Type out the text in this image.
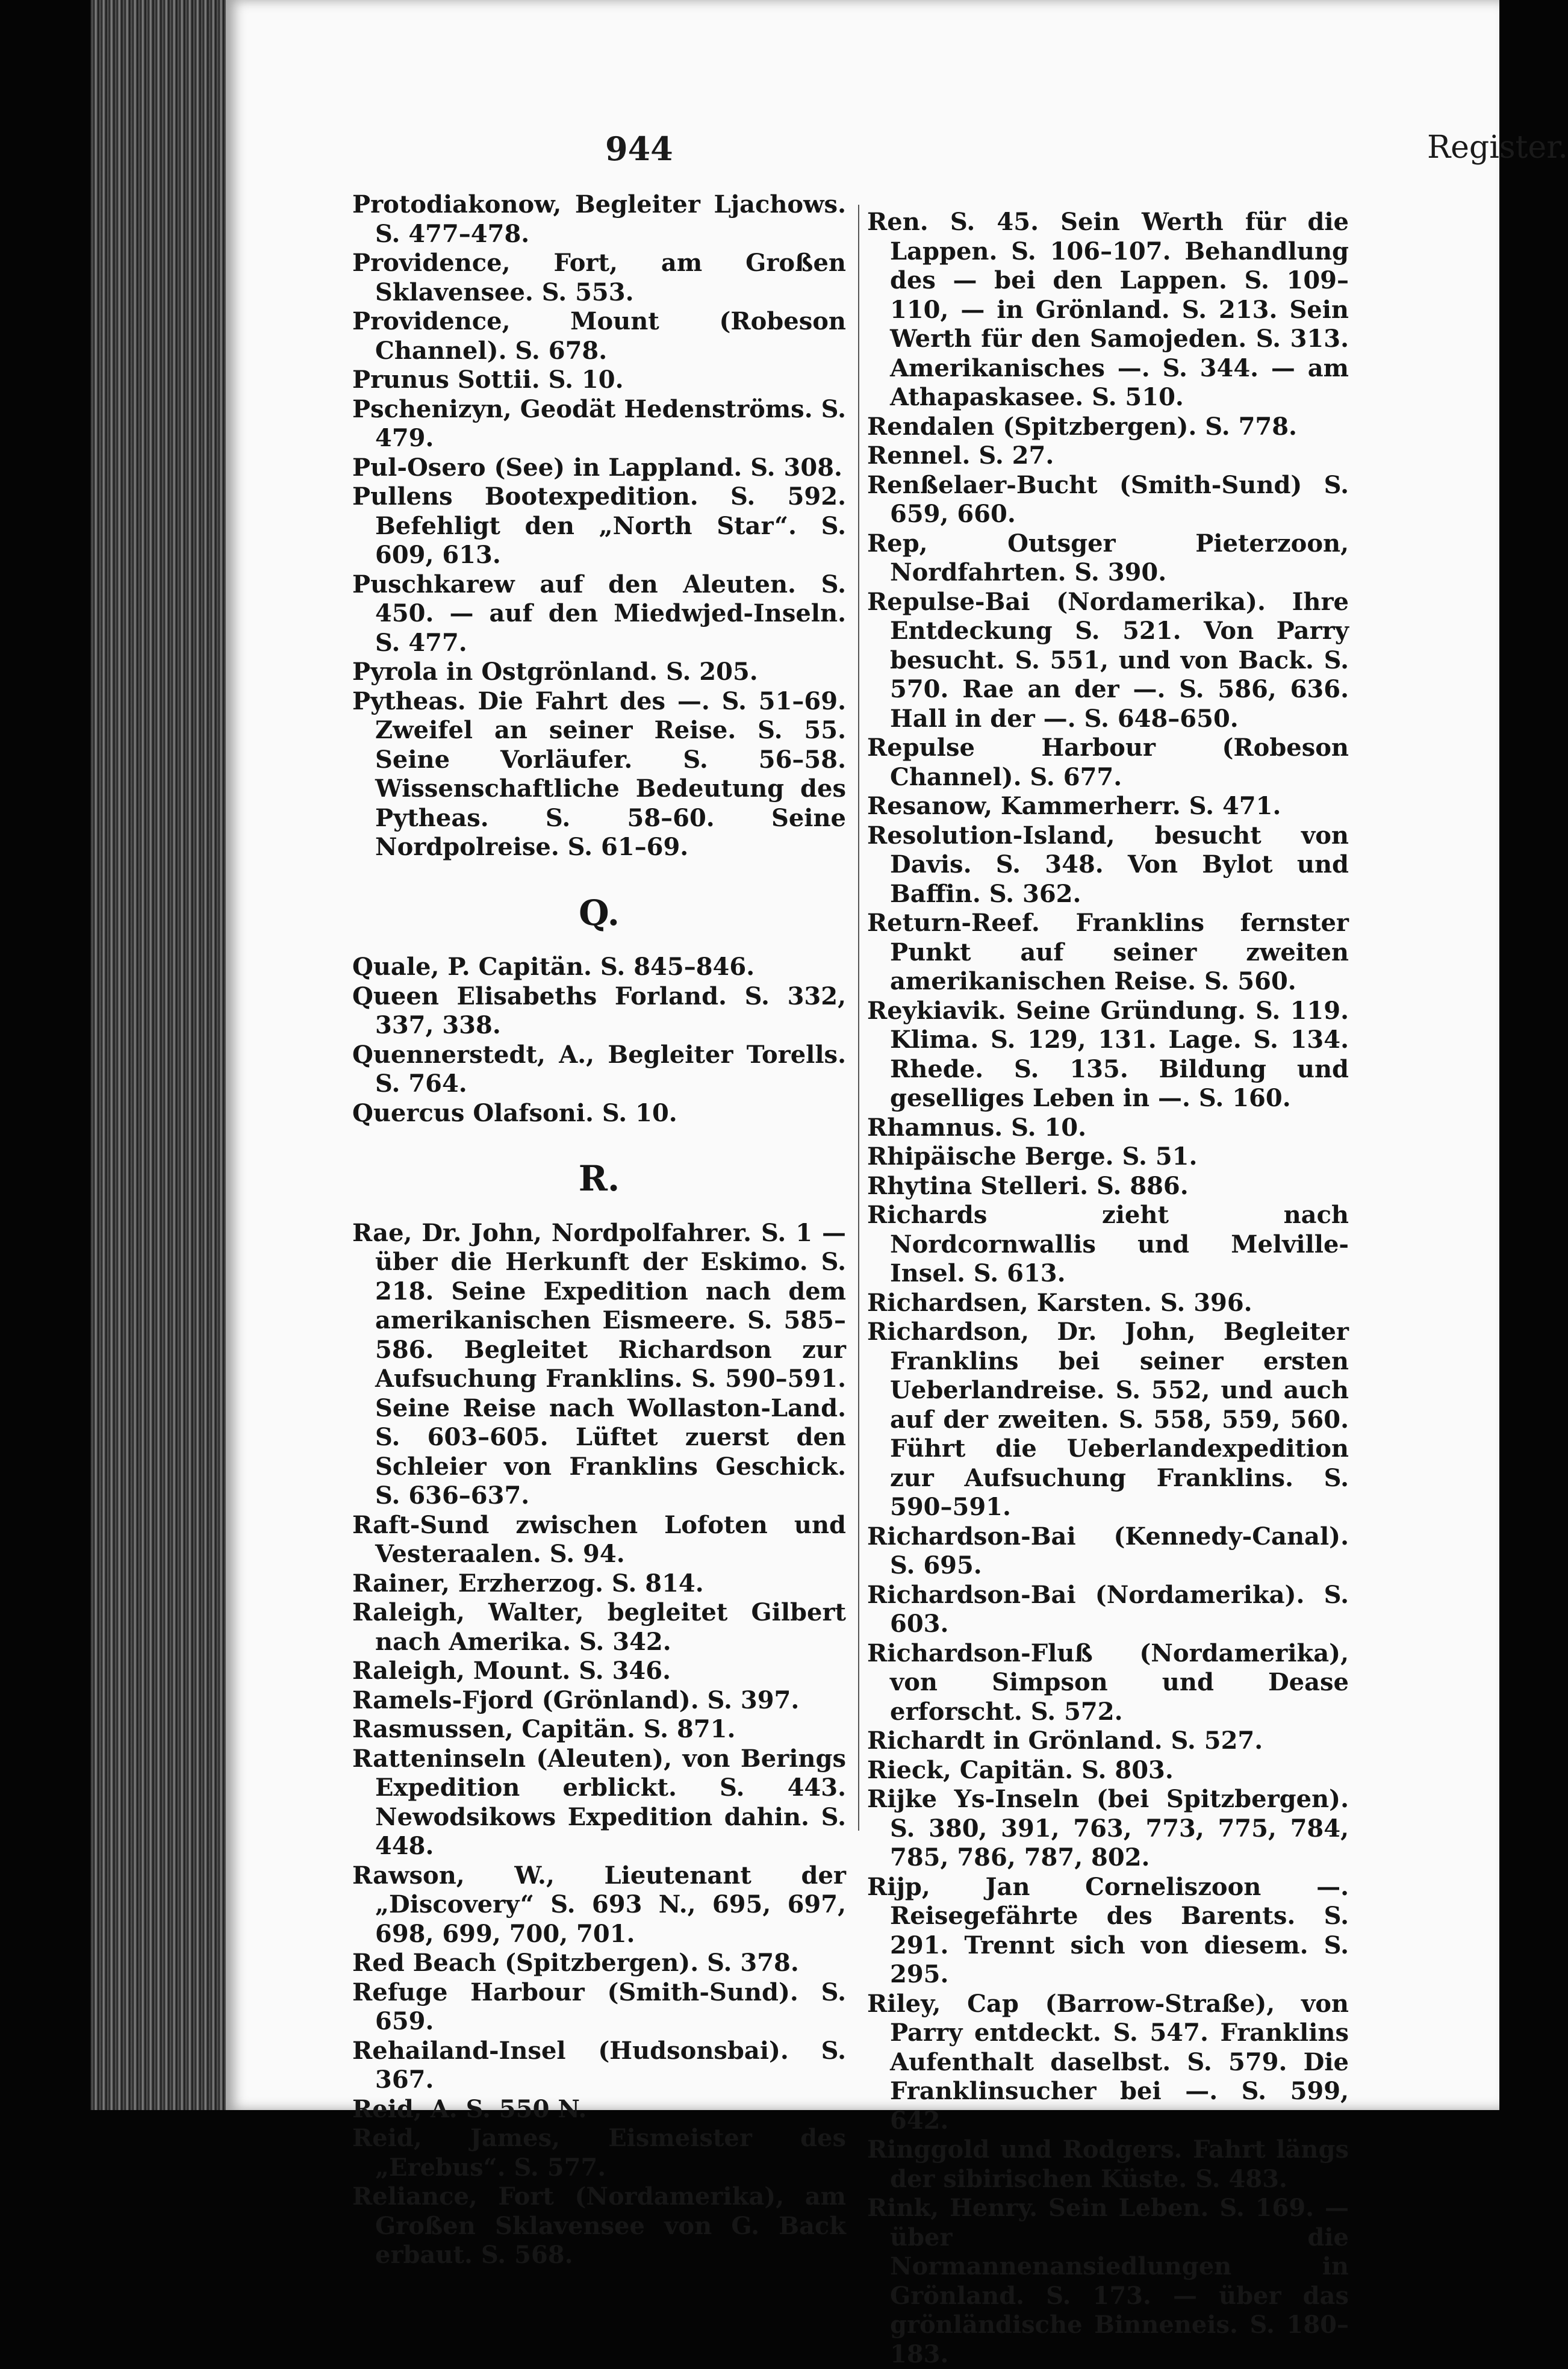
944	Register.

Protodiakonow, Begleiter Ljachows. S. 477–478.

Providence, Fort, am Großen Sklavensee. S. 553.

Providence, Mount (Robeson Channel). S. 678.

Prunus Sottii. S. 10.

Pschenizyn, Geodät Hedenströms. S. 479.

Pul-Osero (See) in Lappland. S. 308.

Pullens Bootexpedition. S. 592. Befehligt den „North Star“. S. 609, 613.

Puschkarew auf den Aleuten. S. 450. — auf den Miedwjed-Inseln. S. 477.

Pyrola in Ostgrönland. S. 205.

Pytheas. Die Fahrt des —. S. 51–69. Zweifel an seiner Reise. S. 55. Seine Vorläufer. S. 56–58. Wissenschaftliche Bedeutung des Pytheas. S. 58–60. Seine Nordpolreise. S. 61–69.

Q.

Quale, P. Capitän. S. 845–846.

Queen Elisabeths Forland. S. 332, 337, 338.

Quennerstedt, A., Begleiter Torells. S. 764.

Quercus Olafsoni. S. 10.

R.

Rae, Dr. John, Nordpolfahrer. S. 1 — über die Herkunft der Eskimo. S. 218. Seine Expedition nach dem amerikanischen Eismeere. S. 585–586. Begleitet Richardson zur Aufsuchung Franklins. S. 590–591. Seine Reise nach Wollaston-Land. S. 603–605. Lüftet zuerst den Schleier von Franklins Geschick. S. 636–637.

Raft-Sund zwischen Lofoten und Vesteraalen. S. 94.

Rainer, Erzherzog. S. 814.

Raleigh, Walter, begleitet Gilbert nach Amerika. S. 342.

Raleigh, Mount. S. 346.

Ramels-Fjord (Grönland). S. 397.

Rasmussen, Capitän. S. 871.

Ratteninseln (Aleuten), von Berings Expedition erblickt. S. 443. Newodsikows Expedition dahin. S. 448.

Rawson, W., Lieutenant der „Discovery“ S. 693 N., 695, 697, 698, 699, 700, 701.

Red Beach (Spitzbergen). S. 378.

Refuge Harbour (Smith-Sund). S. 659.

Rehailand-Insel (Hudsonsbai). S. 367.

Reid, A. S. 550 N.

Reid, James, Eismeister des „Erebus“. S. 577.

Reliance, Fort (Nordamerika), am Großen Sklavensee von G. Back erbaut. S. 568.

Ren. S. 45. Sein Werth für die Lappen. S. 106–107. Behandlung des — bei den Lappen. S. 109–110, — in Grönland. S. 213. Sein Werth für den Samojeden. S. 313. Amerikanisches —. S. 344. — am Athapaskasee. S. 510.

Rendalen (Spitzbergen). S. 778.

Rennel. S. 27.

Renßelaer-Bucht (Smith-Sund) S. 659, 660.

Rep, Outsger Pieterzoon, Nordfahrten. S. 390.

Repulse-Bai (Nordamerika). Ihre Entdeckung S. 521. Von Parry besucht. S. 551, und von Back. S. 570. Rae an der —. S. 586, 636. Hall in der —. S. 648–650.

Repulse Harbour (Robeson Channel). S. 677.

Resanow, Kammerherr. S. 471.

Resolution-Island, besucht von Davis. S. 348. Von Bylot und Baffin. S. 362.

Return-Reef. Franklins fernster Punkt auf seiner zweiten amerikanischen Reise. S. 560.

Reykiavik. Seine Gründung. S. 119. Klima. S. 129, 131. Lage. S. 134. Rhede. S. 135. Bildung und geselliges Leben in —. S. 160.

Rhamnus. S. 10.

Rhipäische Berge. S. 51.

Rhytina Stelleri. S. 886.

Richards zieht nach Nordcornwallis und Melville-Insel. S. 613.

Richardsen, Karsten. S. 396.

Richardson, Dr. John, Begleiter Franklins bei seiner ersten Ueberlandreise. S. 552, und auch auf der zweiten. S. 558, 559, 560. Führt die Ueberlandexpedition zur Aufsuchung Franklins. S. 590–591.

Richardson-Bai (Kennedy-Canal). S. 695.

Richardson-Bai (Nordamerika). S. 603.

Richardson-Fluß (Nordamerika), von Simpson und Dease erforscht. S. 572.

Richardt in Grönland. S. 527.

Rieck, Capitän. S. 803.

Rijke Ys-Inseln (bei Spitzbergen). S. 380, 391, 763, 773, 775, 784, 785, 786, 787, 802.

Rijp, Jan Corneliszoon —. Reisegefährte des Barents. S. 291. Trennt sich von diesem. S. 295.

Riley, Cap (Barrow-Straße), von Parry entdeckt. S. 547. Franklins Aufenthalt daselbst. S. 579. Die Franklinsucher bei —. S. 599, 642.

Ringgold und Rodgers. Fahrt längs der sibirischen Küste. S. 483.

Rink, Henry. Sein Leben. S. 169. — über die Normannenansiedlungen in Grönland. S. 173. — über das grönländische Binneneis. S. 180–183.
